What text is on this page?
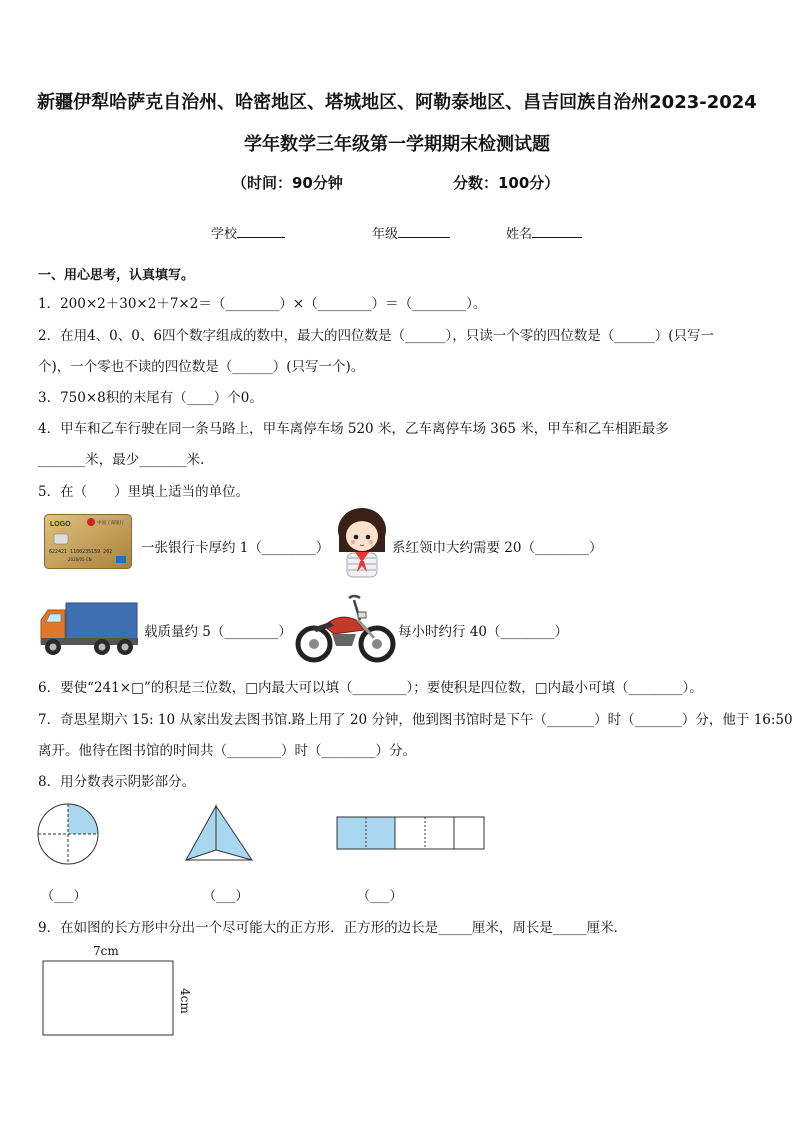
新疆伊犁哈萨克自治州、哈密地区、塔城地区、阿勒泰地区、昌吉回族自治州2023-2024
学年数学三年级第一学期期末检测试题
（时间：90分钟	分数：100分）
学校	年级	姓名
一、用心思考，认真填写。
1．200×2＋30×2＋7×2＝（________）×（________）＝（________）。
2．在用4、0、0、6四个数字组成的数中，最大的四位数是（______），只读一个零的四位数是（______）(只写一
个)，一个零也不读的四位数是（______）(只写一个)。
3．750×8积的末尾有（____）个0。
4．甲车和乙车行驶在同一条马路上，甲车离停车场 520 米，乙车离停车场 365 米，甲车和乙车相距最多
_______米，最少_______米.
5．在（　　）里填上适当的单位。
LOGO	中国工商银行
622421 1100235159 202
2020/05 CN
一张银行卡厚约 1（________）	系红领巾大约需要 20（________）
载质量约 5（________）	每小时约行 40（________）
6．要使“241×□”的积是三位数，□内最大可以填（________）；要使积是四位数，□内最小可填（________）。
7．奇思星期六 15: 10 从家出发去图书馆.路上用了 20 分钟，他到图书馆时是下午（_______）时（_______）分，他于 16:50
离开。他待在图书馆的时间共（________）时（________）分。
8．用分数表示阴影部分。
（___）	（___）	（___）
9．在如图的长方形中分出一个尽可能大的正方形．正方形的边长是_____厘米，周长是_____厘米．
7cm
4cm
